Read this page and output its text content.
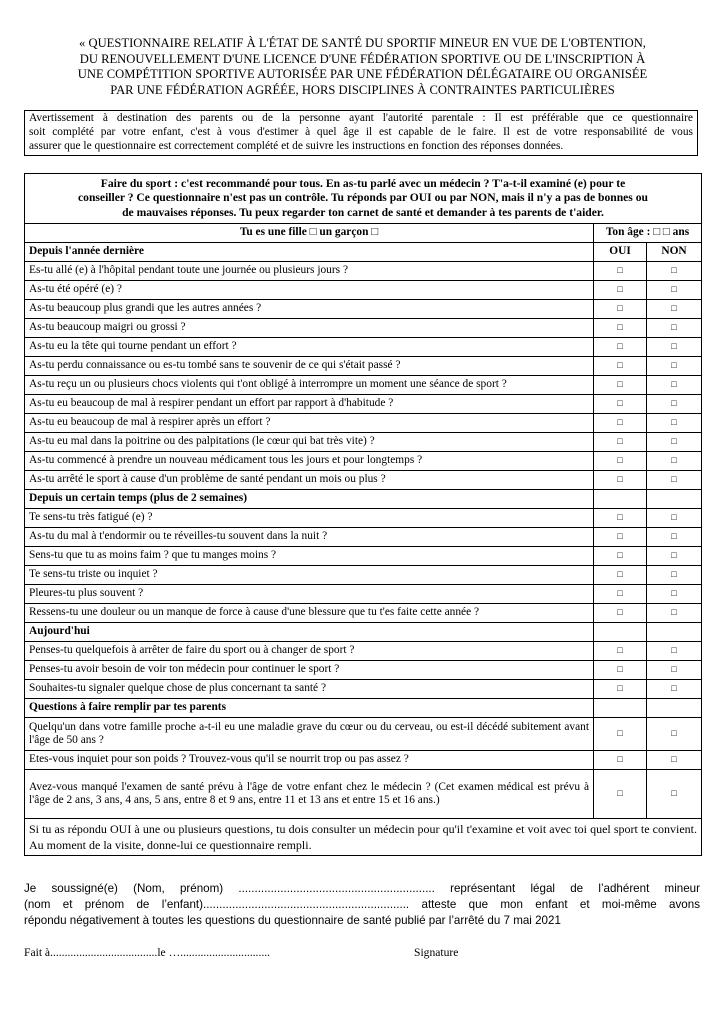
« QUESTIONNAIRE RELATIF À L'ÉTAT DE SANTÉ DU SPORTIF MINEUR EN VUE DE L'OBTENTION,
DU RENOUVELLEMENT D'UNE LICENCE D'UNE FÉDÉRATION SPORTIVE OU DE L'INSCRIPTION À
UNE COMPÉTITION SPORTIVE AUTORISÉE PAR UNE FÉDÉRATION DÉLÉGATAIRE OU ORGANISÉE
PAR UNE FÉDÉRATION AGRÉÉE, HORS DISCIPLINES À CONTRAINTES PARTICULIÈRES
Avertissement à destination des parents ou de la personne ayant l'autorité parentale : Il est préférable que ce questionnaire
soit complété par votre enfant, c'est à vous d'estimer à quel âge il est capable de le faire. Il est de votre responsabilité de vous
assurer que le questionnaire est correctement complété et de suivre les instructions en fonction des réponses données.
Faire du sport : c'est recommandé pour tous. En as-tu parlé avec un médecin ? T'a-t-il examiné (e) pour te
conseiller ? Ce questionnaire n'est pas un contrôle. Tu réponds par OUI ou par NON, mais il n'y a pas de bonnes ou
de mauvaises réponses. Tu peux regarder ton carnet de santé et demander à tes parents de t'aider.		

Tu es une fille □ un garçon □	Ton âge : □ □ ans	
Depuis l'année dernière	OUI	NON
Es-tu allé (e) à l'hôpital pendant toute une journée ou plusieurs jours ?	□	□
As-tu été opéré (e) ?	□	□
As-tu beaucoup plus grandi que les autres années ?	□	□
As-tu beaucoup maigri ou grossi ?	□	□
As-tu eu la tête qui tourne pendant un effort ?	□	□
As-tu perdu connaissance ou es-tu tombé sans te souvenir de ce qui s'était passé ?	□	□
As-tu reçu un ou plusieurs chocs violents qui t'ont obligé à interrompre un moment une séance de sport ?	□	□
As-tu eu beaucoup de mal à respirer pendant un effort par rapport à d'habitude ?	□	□
As-tu eu beaucoup de mal à respirer après un effort ?	□	□
As-tu eu mal dans la poitrine ou des palpitations (le cœur qui bat très vite) ?	□	□
As-tu commencé à prendre un nouveau médicament tous les jours et pour longtemps ?	□	□
As-tu arrêté le sport à cause d'un problème de santé pendant un mois ou plus ?	□	□
Depuis un certain temps (plus de 2 semaines)		
Te sens-tu très fatigué (e) ?	□	□
As-tu du mal à t'endormir ou te réveilles-tu souvent dans la nuit ?	□	□
Sens-tu que tu as moins faim ? que tu manges moins ?	□	□
Te sens-tu triste ou inquiet ?	□	□
Pleures-tu plus souvent ?	□	□
Ressens-tu une douleur ou un manque de force à cause d'une blessure que tu t'es faite cette année ?	□	□
Aujourd'hui		
Penses-tu quelquefois à arrêter de faire du sport ou à changer de sport ?	□	□
Penses-tu avoir besoin de voir ton médecin pour continuer le sport ?	□	□
Souhaites-tu signaler quelque chose de plus concernant ta santé ?	□	□
Questions à faire remplir par tes parents		
Quelqu'un dans votre famille proche a-t-il eu une maladie grave du cœur ou du cerveau, ou est-il décédé subitement avant l'âge de 50 ans ?	□	□
Etes-vous inquiet pour son poids ? Trouvez-vous qu'il se nourrit trop ou pas assez ?	□	□
Avez-vous manqué l'examen de santé prévu à l'âge de votre enfant chez le médecin ? (Cet examen médical est prévu à l'âge de 2 ans, 3 ans, 4 ans, 5 ans, entre 8 et 9 ans, entre 11 et 13 ans et entre 15 et 16 ans.)	□	□
Si tu as répondu OUI à une ou plusieurs questions, tu dois consulter un médecin pour qu'il t'examine et voit avec toi quel sport te convient. Au moment de la visite, donne-lui ce questionnaire rempli.		
Je soussigné(e) (Nom, prénom) ............................................................. représentant légal de l’adhérent mineur
(nom et prénom de l’enfant)................................................................ atteste que mon enfant et moi-même avons
répondu négativement à toutes les questions du questionnaire de santé publié par l’arrêté du 7 mai 2021
Fait à.....................................le …...............................	Signature
